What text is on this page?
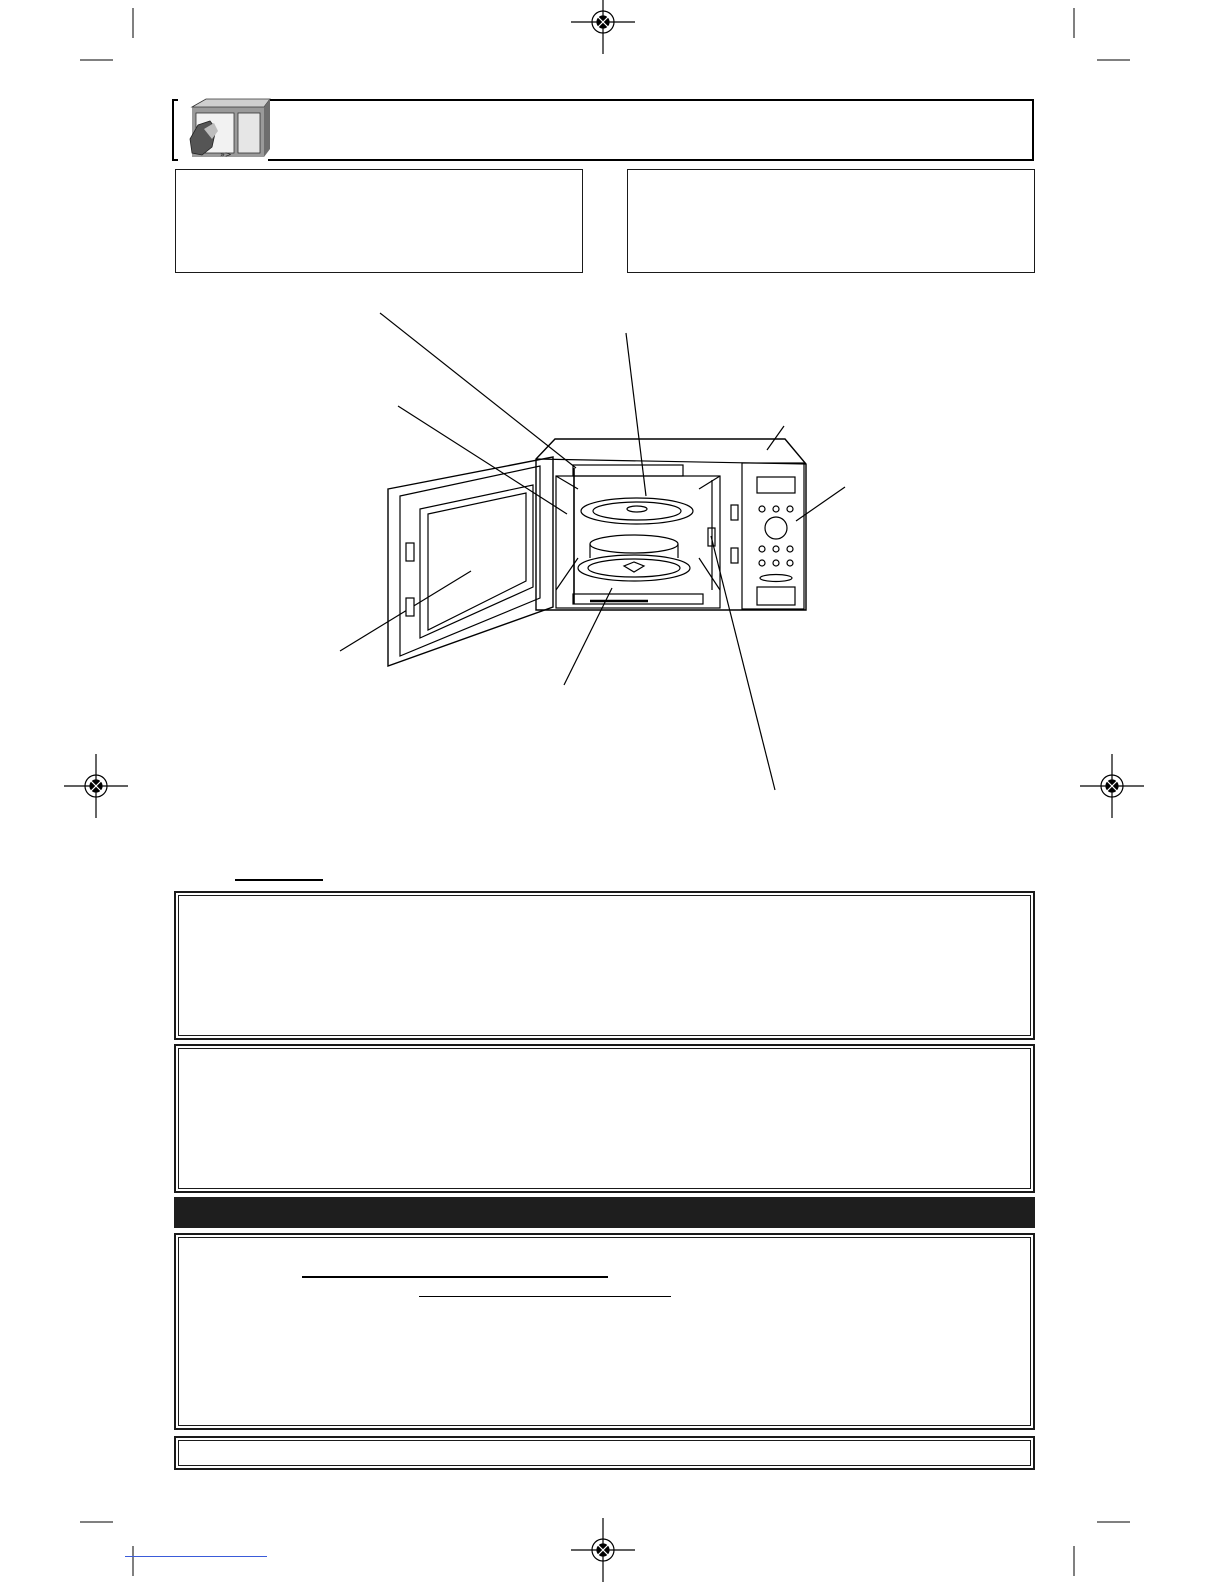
»>
